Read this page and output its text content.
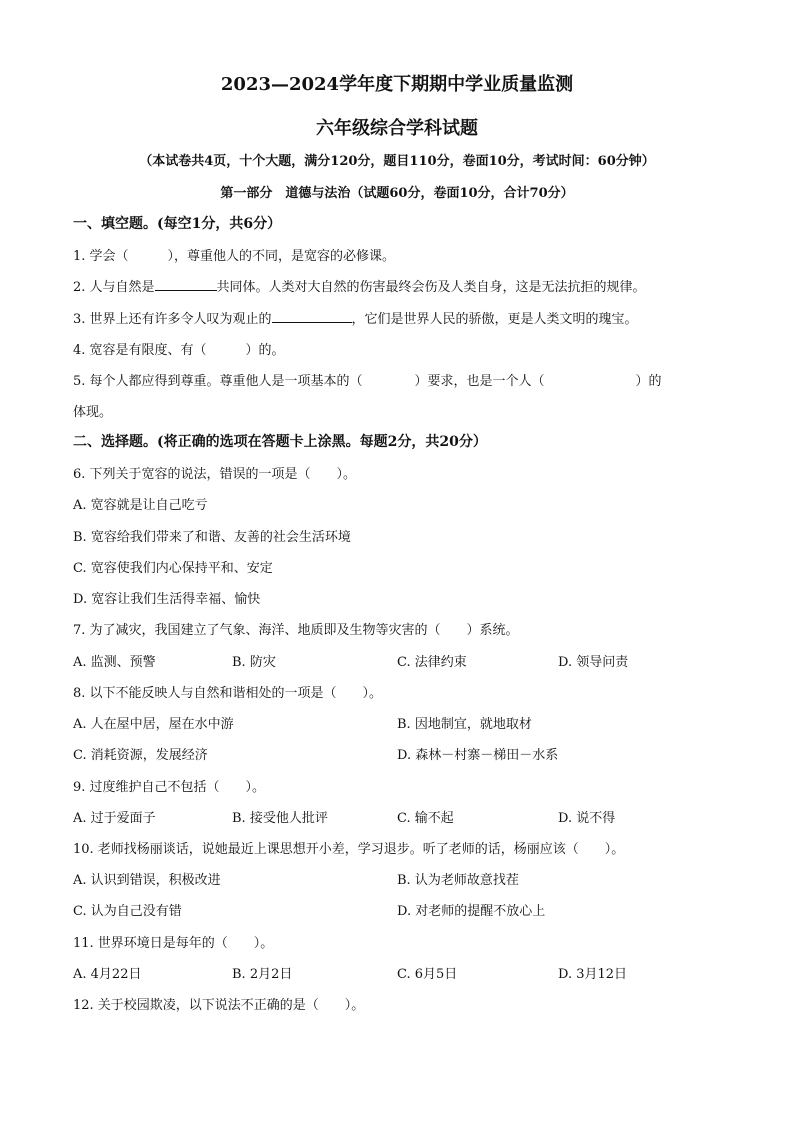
2023—2024学年度下期期中学业质量监测
六年级综合学科试题
（本试卷共4页，十个大题，满分120分，题目110分，卷面10分，考试时间：60分钟）
第一部分　道德与法治（试题60分，卷面10分，合计70分）
一、填空题。(每空1分，共6分）
1. 学会（　　　），尊重他人的不同，是宽容的必修课。
2. 人与自然是	共同体。人类对大自然的伤害最终会伤及人类自身，这是无法抗拒的规律。
3. 世界上还有许多令人叹为观止的	，它们是世界人民的骄傲，更是人类文明的瑰宝。
4. 宽容是有限度、有（　　　）的。
5. 每个人都应得到尊重。尊重他人是一项基本的（　　　　）要求，也是一个人（　　　　　　　）的
体现。
二、选择题。(将正确的选项在答题卡上涂黑。每题2分，共20分）
6. 下列关于宽容的说法，错误的一项是（　　）。
A. 宽容就是让自己吃亏
B. 宽容给我们带来了和谐、友善的社会生活环境
C. 宽容使我们内心保持平和、安定
D. 宽容让我们生活得幸福、愉快
7. 为了减灾，我国建立了气象、海洋、地质即及生物等灾害的（　　）系统。
A. 监测、预警	B. 防灾	C. 法律约束	D. 领导问责
8. 以下不能反映人与自然和谐相处的一项是（　　）。
A. 人在屋中居，屋在水中游	B. 因地制宜，就地取材
C. 消耗资源，发展经济	D. 森林－村寨－梯田－水系
9. 过度维护自己不包括（　　）。
A. 过于爱面子	B. 接受他人批评	C. 输不起	D. 说不得
10. 老师找杨丽谈话，说她最近上课思想开小差，学习退步。听了老师的话，杨丽应该（　　）。
A. 认识到错误，积极改进	B. 认为老师故意找茬
C. 认为自己没有错	D. 对老师的提醒不放心上
11. 世界环境日是每年的（　　）。
A. 4月22日	B. 2月2日	C. 6月5日	D. 3月12日
12. 关于校园欺凌，以下说法不正确的是（　　）。
